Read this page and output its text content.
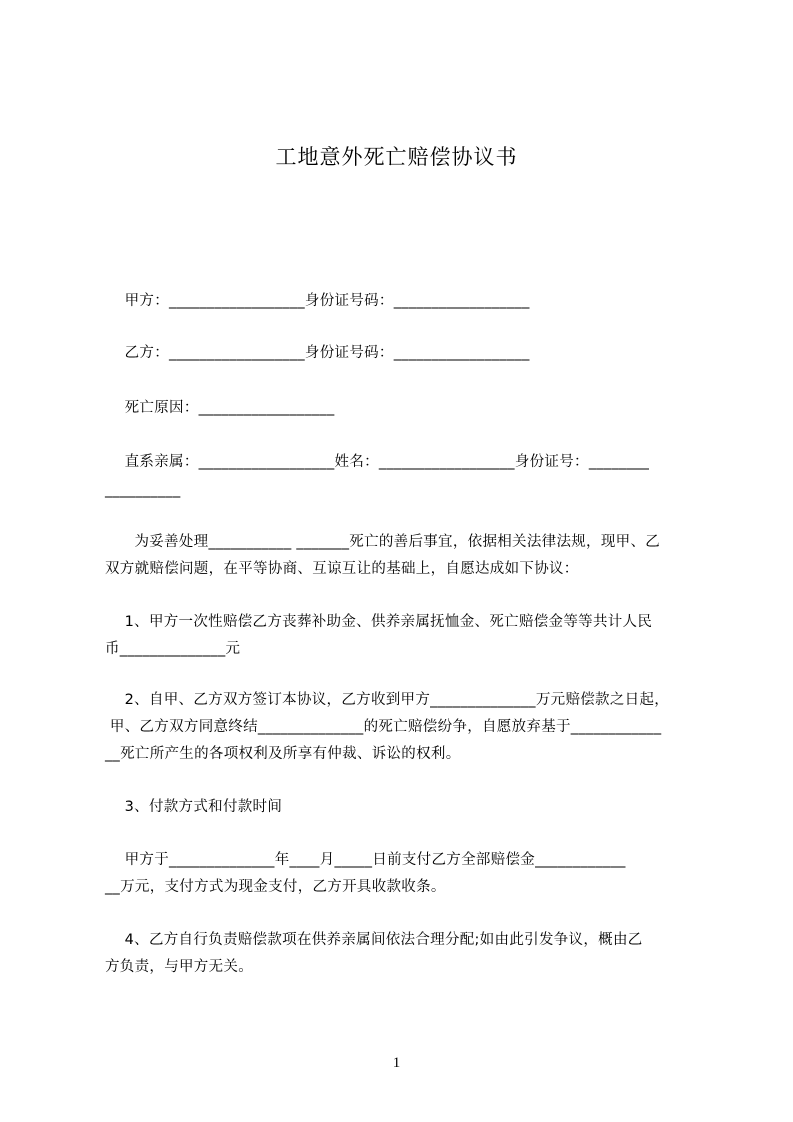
工地意外死亡赔偿协议书
甲方：__________________身份证号码：__________________
乙方：__________________身份证号码：__________________
死亡原因：__________________
直系亲属：__________________姓名：__________________身份证号：________
__________
为妥善处理___________ _______死亡的善后事宜，依据相关法律法规，现甲、乙
双方就赔偿问题，在平等协商、互谅互让的基础上，自愿达成如下协议：
1、甲方一次性赔偿乙方丧葬补助金、供养亲属抚恤金、死亡赔偿金等等共计人民
币______________元
2、自甲、乙方双方签订本协议，乙方收到甲方______________万元赔偿款之日起，
甲、乙方双方同意终结______________的死亡赔偿纷争，自愿放弃基于____________
__死亡所产生的各项权利及所享有仲裁、诉讼的权利。
3、付款方式和付款时间
甲方于______________年____月_____日前支付乙方全部赔偿金____________
__万元，支付方式为现金支付，乙方开具收款收条。
4、乙方自行负责赔偿款项在供养亲属间依法合理分配;如由此引发争议，概由乙
方负责，与甲方无关。
1
